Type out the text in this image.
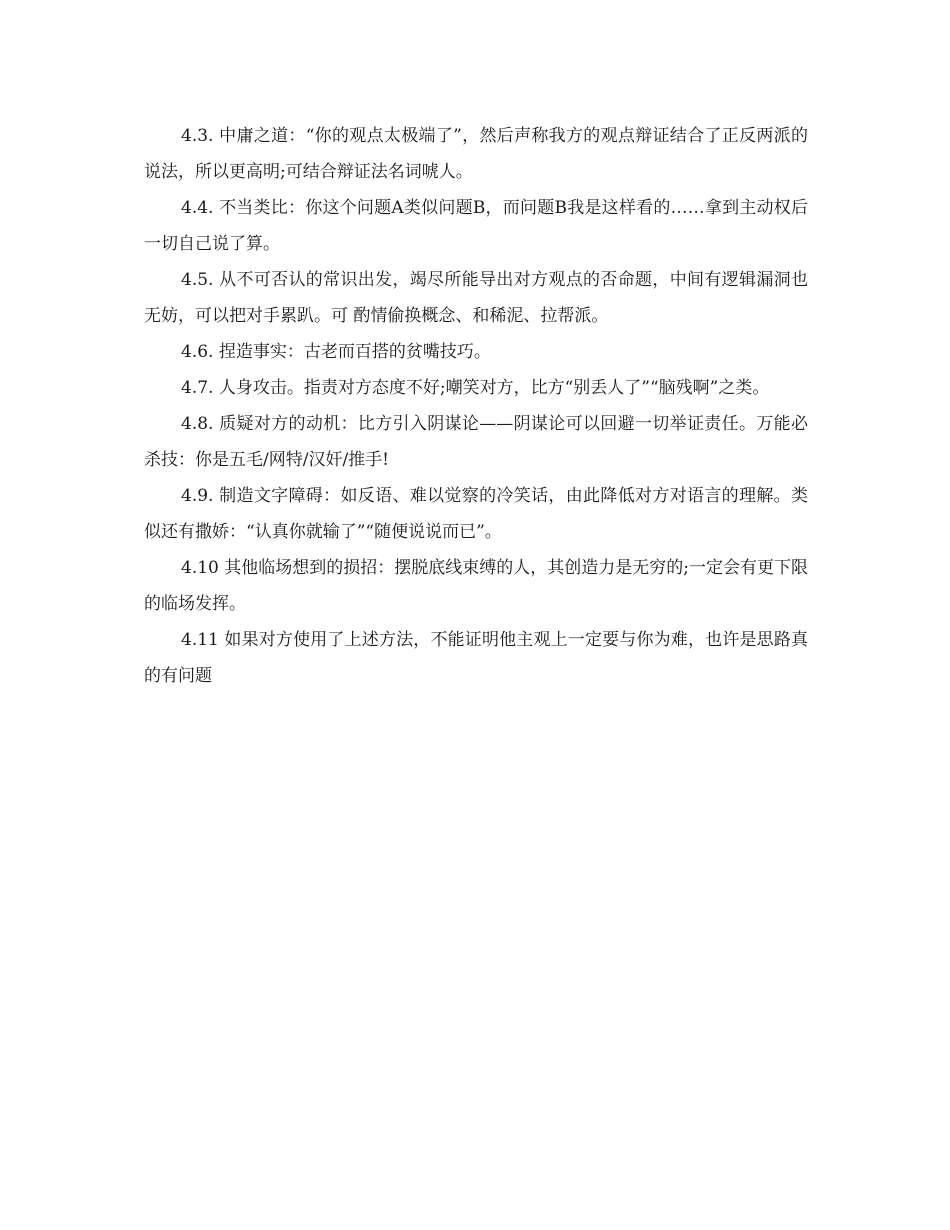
4.3. 中庸之道：“你的观点太极端了”，然后声称我方的观点辩证结合了正反两派的说法，所以更高明;可结合辩证法名词唬人。

4.4. 不当类比：你这个问题A类似问题B，而问题B我是这样看的……拿到主动权后一切自己说了算。

4.5. 从不可否认的常识出发，竭尽所能导出对方观点的否命题，中间有逻辑漏洞也无妨，可以把对手累趴。可 酌情偷换概念、和稀泥、拉帮派。

4.6. 捏造事实：古老而百搭的贫嘴技巧。

4.7. 人身攻击。指责对方态度不好;嘲笑对方，比方“别丢人了”“脑残啊”之类。

4.8. 质疑对方的动机：比方引入阴谋论——阴谋论可以回避一切举证责任。万能必杀技：你是五毛/网特/汉奸/推手!

4.9. 制造文字障碍：如反语、难以觉察的冷笑话，由此降低对方对语言的理解。类似还有撒娇：“认真你就输了”“随便说说而已”。

4.10 其他临场想到的损招：摆脱底线束缚的人，其创造力是无穷的;一定会有更下限的临场发挥。

4.11 如果对方使用了上述方法，不能证明他主观上一定要与你为难，也许是思路真的有问题
